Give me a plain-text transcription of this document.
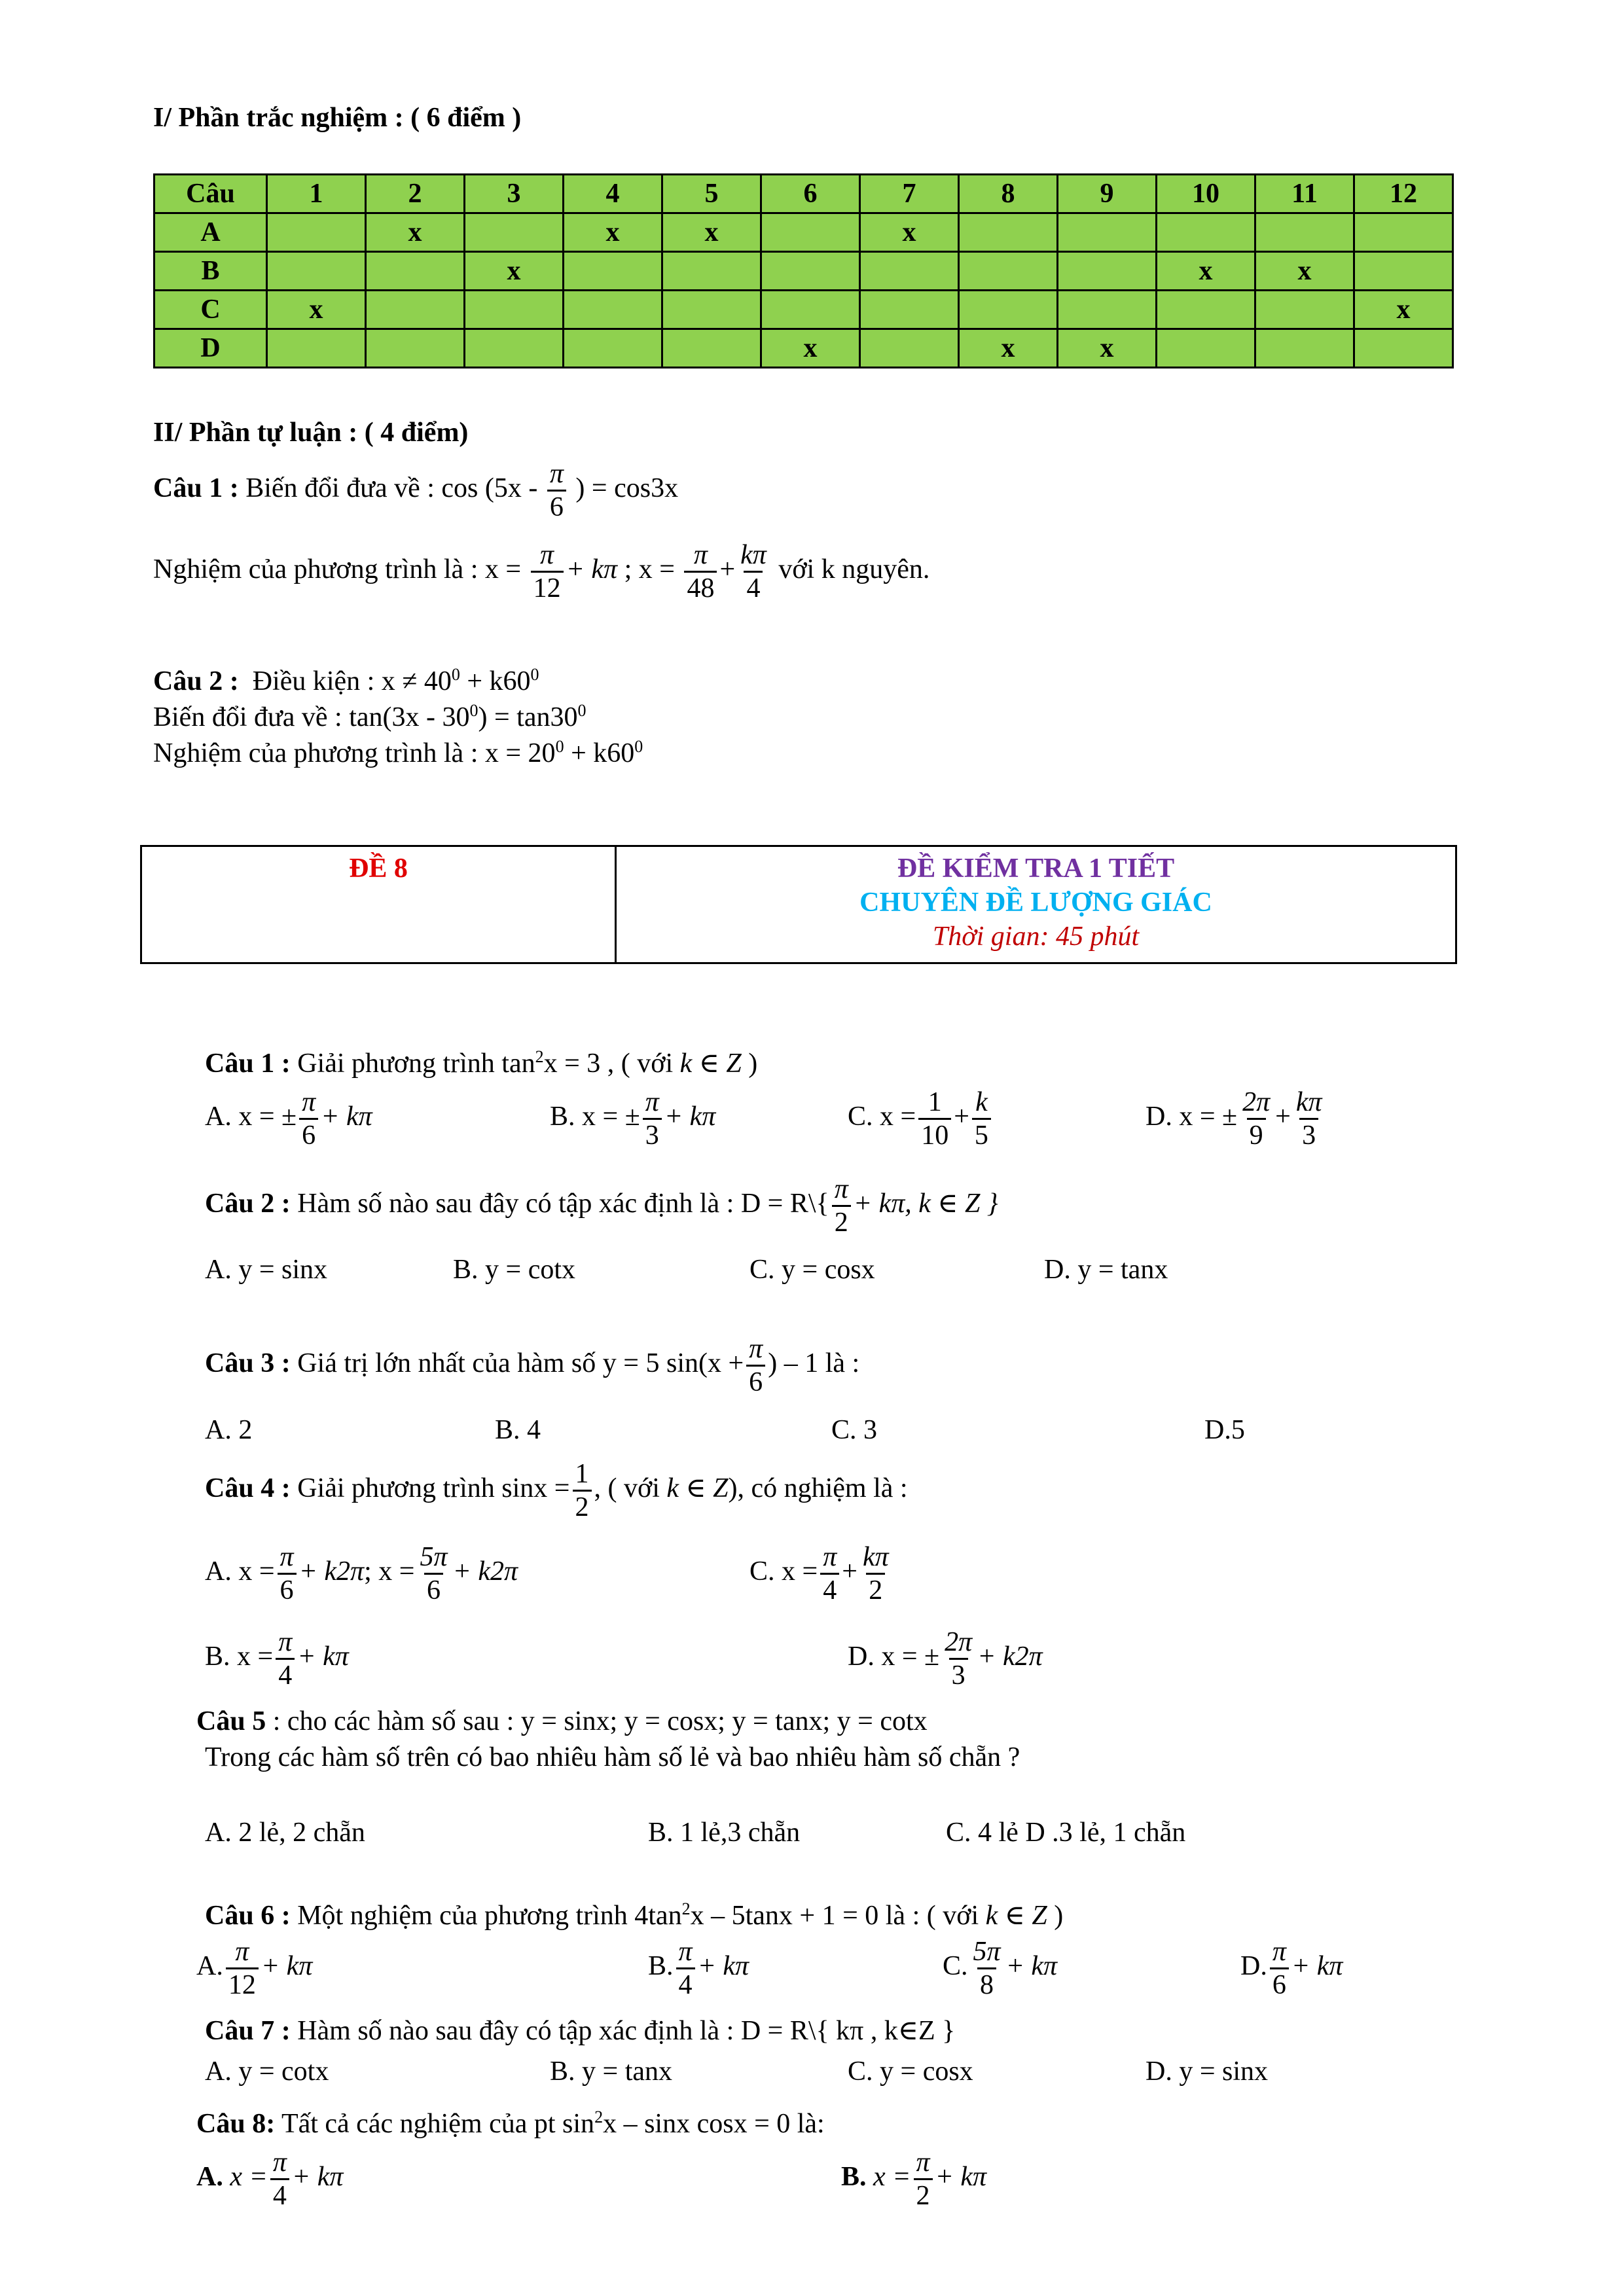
I/ Phần trắc nghiệm : ( 6 điểm )
Câu	1	2	3	4	5	6	7	8	9	10	11	12
A		x		x	x		x					
B			x							x	x	
C	x											x
D						x		x	x			
II/ Phần tự luận : ( 4 điểm)
Câu 1 : Biến đổi đưa về : $\cos (5x - \frac{\pi}{6}$ ) = cos3x
Nghiệm của phương trình là : $x = \frac{\pi}{12} + k\pi$ ; $x = \frac{\pi}{48} + \frac{k\pi}{4}$ với k nguyên.
Câu 2 : Điều kiện : $x \ne 40^0 + k60^0$
Biến đổi đưa về : $\tan(3x - 30^0) = \tan 30^0$
Nghiệm của phương trình là : $x = 20^0 + k60^0$
ĐỀ 8	ĐỀ KIỂM TRA 1 TIẾT
CHUYÊN ĐỀ LƯỢNG GIÁC
Thời gian: 45 phút
Câu 1 : Giải phương trình $\tan^2x = 3$ , ( với k ∈ Z )
A. x = ± $\frac{\pi}{6} + k\pi$	B. x = ± $\frac{\pi}{3} + k\pi$	C. $x = \frac{1}{10} + \frac{k}{5}$	D. x = ± $\frac{2\pi}{9} + \frac{k\pi}{3}$
Câu 2 : Hàm số nào sau đây có tập xác định là : D = R\{ $\frac{\pi}{2} + k\pi$, k ∈ Z }
A. y = sinx	B. y = cotx	C. y = cosx	D. y = tanx
Câu 3 : Giá trị lớn nhất của hàm số y = 5 $\sin(x + \frac{\pi}{6}$ ) – 1 là :
A. 2	B. 4	C. 3	D.5
Câu 4 : Giải phương trình $\sin x = \frac{1}{2}$ , ( với k ∈ Z), có nghiệm là :
A. $x = \frac{\pi}{6} + k2\pi$; $x = \frac{5\pi}{6} + k2\pi$	C. $x = \frac{\pi}{4} + \frac{k\pi}{2}$
B. $x = \frac{\pi}{4} + k\pi$	D. x = ± $\frac{2\pi}{3} + k2\pi$
Câu 5 : cho các hàm số sau : y = sinx; y = cosx; y = tanx; y = cotx
Trong các hàm số trên có bao nhiêu hàm số lẻ và bao nhiêu hàm số chẵn ?
A. 2 lẻ, 2 chẵn	B. 1 lẻ,3 chẵn	C. 4 lẻ D .3 lẻ, 1 chẵn
Câu 6 : Một nghiệm của phương trình $4\tan^2x - 5\tan x + 1 = 0$ là : ( với k ∈ Z )
A. $\frac{\pi}{12} + k\pi$	B. $\frac{\pi}{4} + k\pi$	C. $\frac{5\pi}{8} + k\pi$	D. $\frac{\pi}{6} + k\pi$
Câu 7 : Hàm số nào sau đây có tập xác định là : D = R\{ kπ , k∈Z }
A. y = cotx	B. y = tanx	C. y = cosx	D. y = sinx
Câu 8: Tất cả các nghiệm của pt $\sin^2x$ – sinx cosx = 0 là:
A. $x = \frac{\pi}{4} + k\pi$	B. $x = \frac{\pi}{2} + k\pi$
